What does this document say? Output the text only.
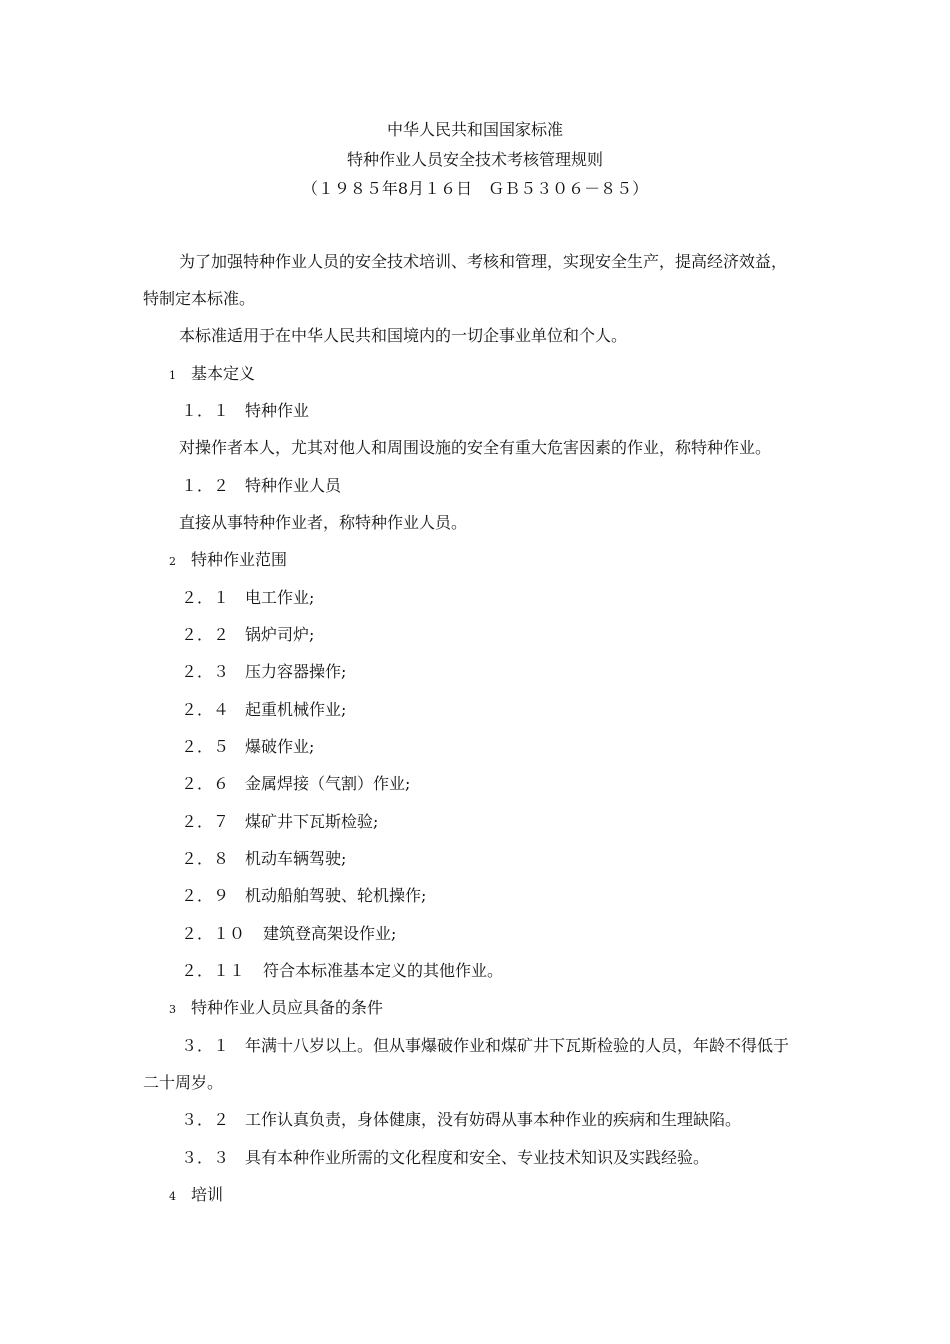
中华人民共和国国家标准
特种作业人员安全技术考核管理规则
（１９８５年8月１６日　ＧＢ５３０６－８５）
为了加强特种作业人员的安全技术培训、考核和管理，实现安全生产，提高经济效益，
特制定本标准。
本标准适用于在中华人民共和国境内的一切企事业单位和个人。
1 基本定义
１．１ 特种作业
对操作者本人，尤其对他人和周围设施的安全有重大危害因素的作业，称特种作业。
１．２ 特种作业人员
直接从事特种作业者，称特种作业人员。
2 特种作业范围
２．１ 电工作业;
２．２ 锅炉司炉;
２．３ 压力容器操作;
２．４ 起重机械作业;
２．５ 爆破作业;
２．６ 金属焊接（气割）作业;
２．７ 煤矿井下瓦斯检验;
２．８ 机动车辆驾驶;
２．９ 机动船舶驾驶、轮机操作;
２．１０ 建筑登高架设作业;
２．１１ 符合本标准基本定义的其他作业。
3 特种作业人员应具备的条件
３．１ 年满十八岁以上。但从事爆破作业和煤矿井下瓦斯检验的人员，年龄不得低于
二十周岁。
３．２ 工作认真负责，身体健康，没有妨碍从事本种作业的疾病和生理缺陷。
３．３ 具有本种作业所需的文化程度和安全、专业技术知识及实践经验。
4 培训
